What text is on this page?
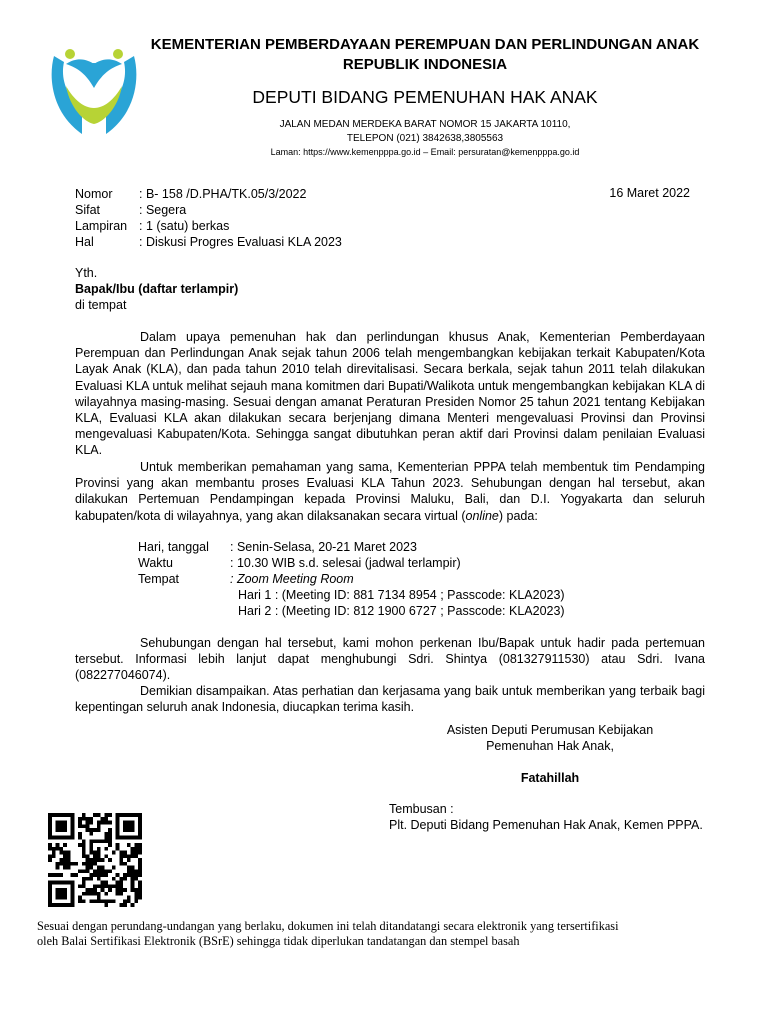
KEMENTERIAN PEMBERDAYAAN PEREMPUAN DAN PERLINDUNGAN ANAK
REPUBLIK INDONESIA
DEPUTI BIDANG PEMENUHAN HAK ANAK
JALAN MEDAN MERDEKA BARAT NOMOR 15 JAKARTA 10110,
TELEPON (021) 3842638,3805563
Laman: https://www.kemenpppa.go.id – Email: persuratan@kemenpppa.go.id
Nomor	: B- 158 /D.PHA/TK.05/3/2022
Sifat	: Segera
Lampiran : 1 (satu) berkas
Hal	: Diskusi Progres Evaluasi KLA 2023
16 Maret 2022
Yth.
Bapak/Ibu (daftar terlampir)
di tempat
Dalam upaya pemenuhan hak dan perlindungan khusus Anak, Kementerian Pemberdayaan Perempuan dan Perlindungan Anak sejak tahun 2006 telah mengembangkan kebijakan terkait Kabupaten/Kota Layak Anak (KLA), dan pada tahun 2010 telah direvitalisasi. Secara berkala, sejak tahun 2011 telah dilakukan Evaluasi KLA untuk melihat sejauh mana komitmen dari Bupati/Walikota untuk mengembangkan kebijakan KLA di wilayahnya masing-masing. Sesuai dengan amanat Peraturan Presiden Nomor 25 tahun 2021 tentang Kebijakan KLA, Evaluasi KLA akan dilakukan secara berjenjang dimana Menteri mengevaluasi Provinsi dan Provinsi mengevaluasi Kabupaten/Kota. Sehingga sangat dibutuhkan peran aktif dari Provinsi dalam penilaian Evaluasi KLA.
Untuk memberikan pemahaman yang sama, Kementerian PPPA telah membentuk tim Pendamping Provinsi yang akan membantu proses Evaluasi KLA Tahun 2023. Sehubungan dengan hal tersebut, akan dilakukan Pertemuan Pendampingan kepada Provinsi Maluku, Bali, dan D.I. Yogyakarta dan seluruh kabupaten/kota di wilayahnya, yang akan dilaksanakan secara virtual (online) pada:
Hari, tanggal	: Senin-Selasa, 20-21 Maret 2023
Waktu	: 10.30 WIB s.d. selesai (jadwal terlampir)
Tempat	: Zoom Meeting Room
Hari 1 : (Meeting ID: 881 7134 8954 ; Passcode: KLA2023)
Hari 2 : (Meeting ID: 812 1900 6727 ; Passcode: KLA2023)
Sehubungan dengan hal tersebut, kami mohon perkenan Ibu/Bapak untuk hadir pada pertemuan tersebut. Informasi lebih lanjut dapat menghubungi Sdri. Shintya (081327911530) atau Sdri. Ivana (082277046074).
Demikian disampaikan. Atas perhatian dan kerjasama yang baik untuk memberikan yang terbaik bagi kepentingan seluruh anak Indonesia, diucapkan terima kasih.
Asisten Deputi Perumusan Kebijakan
Pemenuhan Hak Anak,
Fatahillah
Tembusan :
Plt. Deputi Bidang Pemenuhan Hak Anak, Kemen PPPA.
Sesuai dengan perundang-undangan yang berlaku, dokumen ini telah ditandatangi secara elektronik yang tersertifikasi
oleh Balai Sertifikasi Elektronik (BSrE) sehingga tidak diperlukan tandatangan dan stempel basah
